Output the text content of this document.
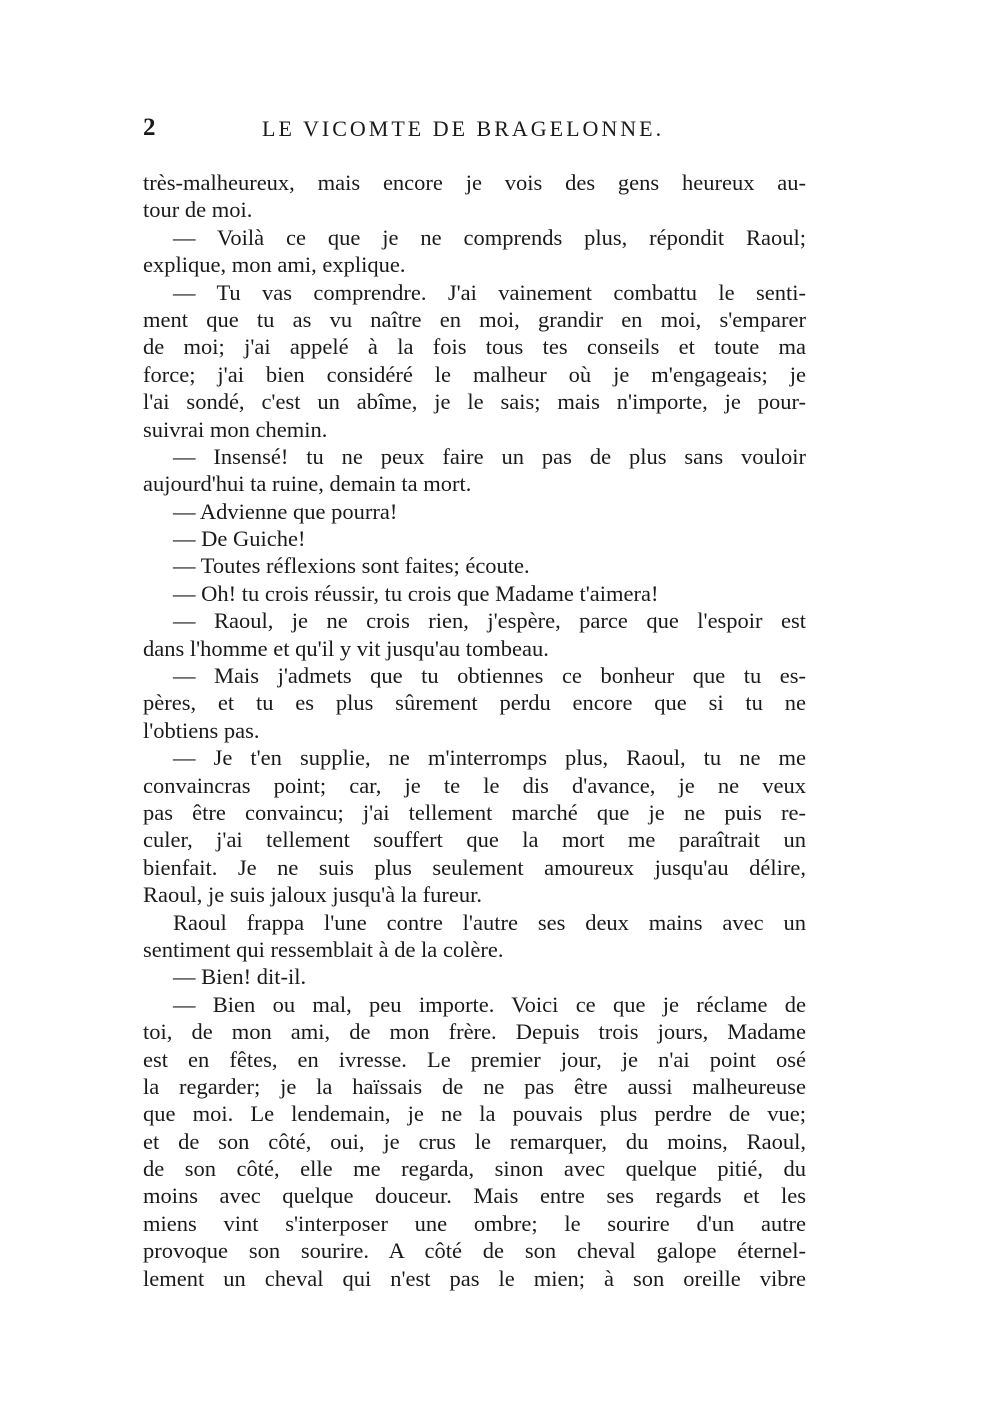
2	LE VICOMTE DE BRAGELONNE.
très-malheureux, mais encore je vois des gens heureux au-
tour de moi.
— Voilà ce que je ne comprends plus, répondit Raoul;
explique, mon ami, explique.
— Tu vas comprendre. J'ai vainement combattu le senti-
ment que tu as vu naître en moi, grandir en moi, s'emparer
de moi; j'ai appelé à la fois tous tes conseils et toute ma
force; j'ai bien considéré le malheur où je m'engageais; je
l'ai sondé, c'est un abîme, je le sais; mais n'importe, je pour-
suivrai mon chemin.
— Insensé! tu ne peux faire un pas de plus sans vouloir
aujourd'hui ta ruine, demain ta mort.
— Advienne que pourra!
— De Guiche!
— Toutes réflexions sont faites; écoute.
— Oh! tu crois réussir, tu crois que Madame t'aimera!
— Raoul, je ne crois rien, j'espère, parce que l'espoir est
dans l'homme et qu'il y vit jusqu'au tombeau.
— Mais j'admets que tu obtiennes ce bonheur que tu es-
pères, et tu es plus sûrement perdu encore que si tu ne
l'obtiens pas.
— Je t'en supplie, ne m'interromps plus, Raoul, tu ne me
convaincras point; car, je te le dis d'avance, je ne veux
pas être convaincu; j'ai tellement marché que je ne puis re-
culer, j'ai tellement souffert que la mort me paraîtrait un
bienfait. Je ne suis plus seulement amoureux jusqu'au délire,
Raoul, je suis jaloux jusqu'à la fureur.
Raoul frappa l'une contre l'autre ses deux mains avec un
sentiment qui ressemblait à de la colère.
— Bien! dit-il.
— Bien ou mal, peu importe. Voici ce que je réclame de
toi, de mon ami, de mon frère. Depuis trois jours, Madame
est en fêtes, en ivresse. Le premier jour, je n'ai point osé
la regarder; je la haïssais de ne pas être aussi malheureuse
que moi. Le lendemain, je ne la pouvais plus perdre de vue;
et de son côté, oui, je crus le remarquer, du moins, Raoul,
de son côté, elle me regarda, sinon avec quelque pitié, du
moins avec quelque douceur. Mais entre ses regards et les
miens vint s'interposer une ombre; le sourire d'un autre
provoque son sourire. A côté de son cheval galope éternel-
lement un cheval qui n'est pas le mien; à son oreille vibre
